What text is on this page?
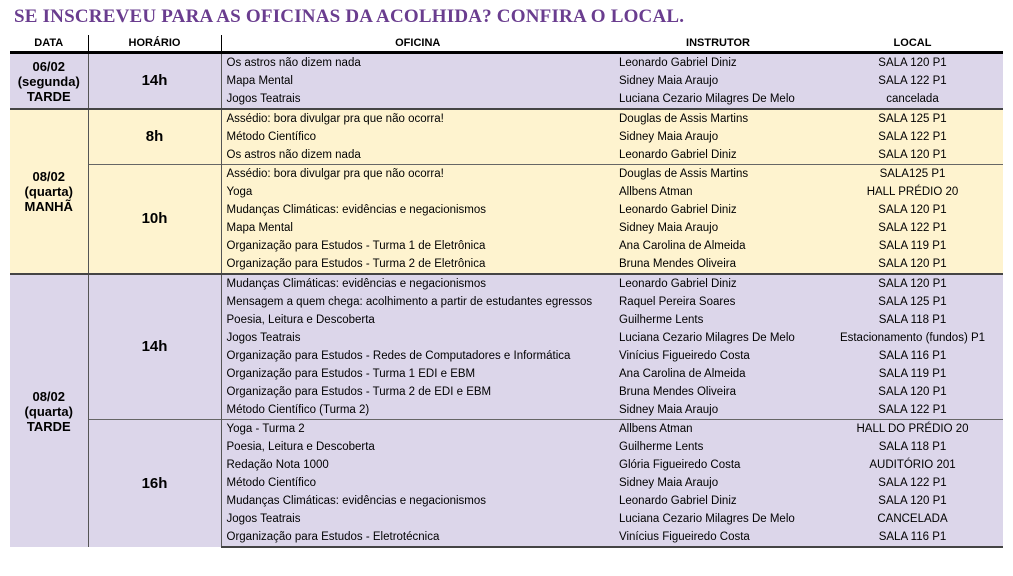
SE INSCREVEU PARA AS OFICINAS DA ACOLHIDA? CONFIRA O LOCAL.
DATA	HORÁRIO	OFICINA	INSTRUTOR	LOCAL

06/02
(segunda)
TARDE	14h	Os astros não dizem nada	Leonardo Gabriel Diniz	SALA 120 P1
		Mapa Mental	Sidney Maia Araujo	SALA 122 P1
		Jogos Teatrais	Luciana Cezario Milagres De Melo	cancelada

08/02
(quarta)
MANHÃ	8h	Assédio: bora divulgar pra que não ocorra!	Douglas de Assis Martins	SALA 125 P1
		Método Científico	Sidney Maia Araujo	SALA 122 P1
		Os astros não dizem nada	Leonardo Gabriel Diniz	SALA 120 P1
	10h	Assédio: bora divulgar pra que não ocorra!	Douglas de Assis Martins	SALA125 P1
		Yoga	Allbens Atman	HALL PRÉDIO 20
		Mudanças Climáticas: evidências e negacionismos	Leonardo Gabriel Diniz	SALA 120 P1
		Mapa Mental	Sidney Maia Araujo	SALA 122 P1
		Organização para Estudos - Turma 1 de Eletrônica	Ana Carolina de Almeida	SALA 119 P1
		Organização para Estudos - Turma 2 de Eletrônica	Bruna Mendes Oliveira	SALA 120 P1

08/02
(quarta)
TARDE	14h	Mudanças Climáticas: evidências e negacionismos	Leonardo Gabriel Diniz	SALA 120 P1
		Mensagem a quem chega: acolhimento a partir de estudantes egressos	Raquel Pereira Soares	SALA 125 P1
		Poesia, Leitura e Descoberta	Guilherme Lents	SALA 118 P1
		Jogos Teatrais	Luciana Cezario Milagres De Melo	Estacionamento (fundos) P1
		Organização para Estudos - Redes de Computadores e Informática	Vinícius Figueiredo Costa	SALA 116 P1
		Organização para Estudos - Turma 1 EDI e EBM	Ana Carolina de Almeida	SALA 119 P1
		Organização para Estudos - Turma 2 de EDI e EBM	Bruna Mendes Oliveira	SALA 120 P1
		Método Científico (Turma 2)	Sidney Maia Araujo	SALA 122 P1
	16h	Yoga - Turma 2	Allbens Atman	HALL DO PRÉDIO 20
		Poesia, Leitura e Descoberta	Guilherme Lents	SALA 118 P1
		Redação Nota 1000	Glória Figueiredo Costa	AUDITÓRIO 201
		Método Científico	Sidney Maia Araujo	SALA 122 P1
		Mudanças Climáticas: evidências e negacionismos	Leonardo Gabriel Diniz	SALA 120 P1
		Jogos Teatrais	Luciana Cezario Milagres De Melo	CANCELADA
		Organização para Estudos - Eletrotécnica	Vinícius Figueiredo Costa	SALA 116 P1
